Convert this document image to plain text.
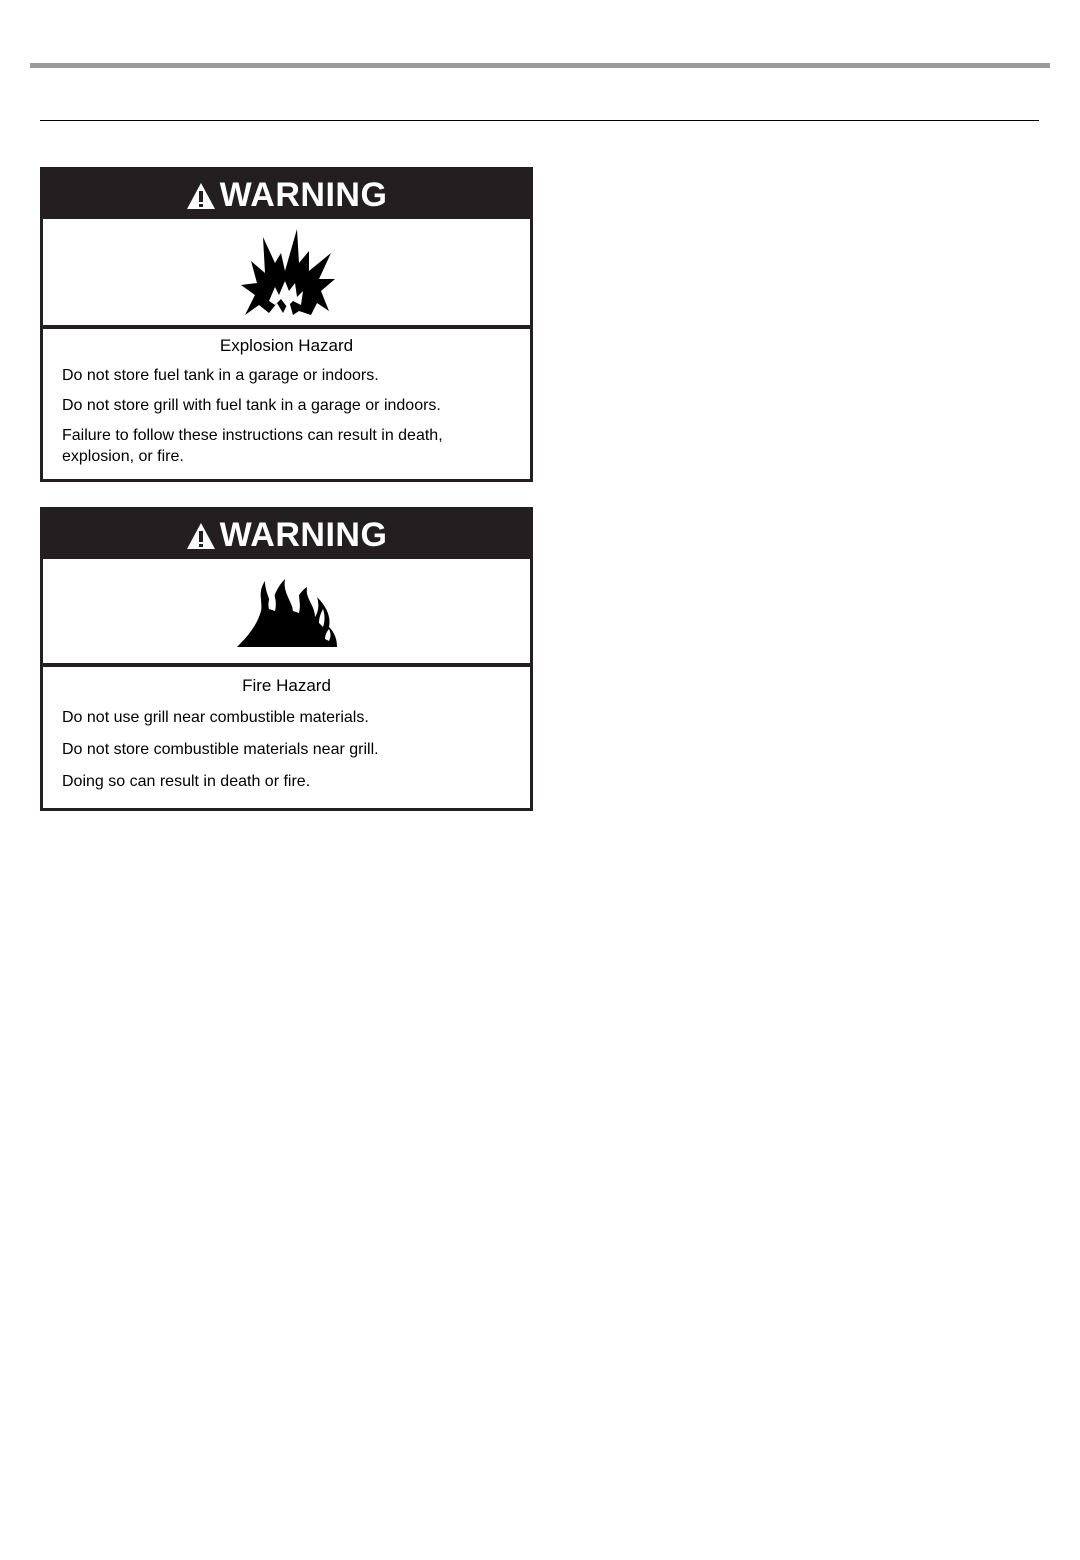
WARNING

Explosion Hazard

Do not store fuel tank in a garage or indoors.

Do not store grill with fuel tank in a garage or indoors.

Failure to follow these instructions can result in death, explosion, or fire.

WARNING

Fire Hazard

Do not use grill near combustible materials.

Do not store combustible materials near grill.

Doing so can result in death or fire.
